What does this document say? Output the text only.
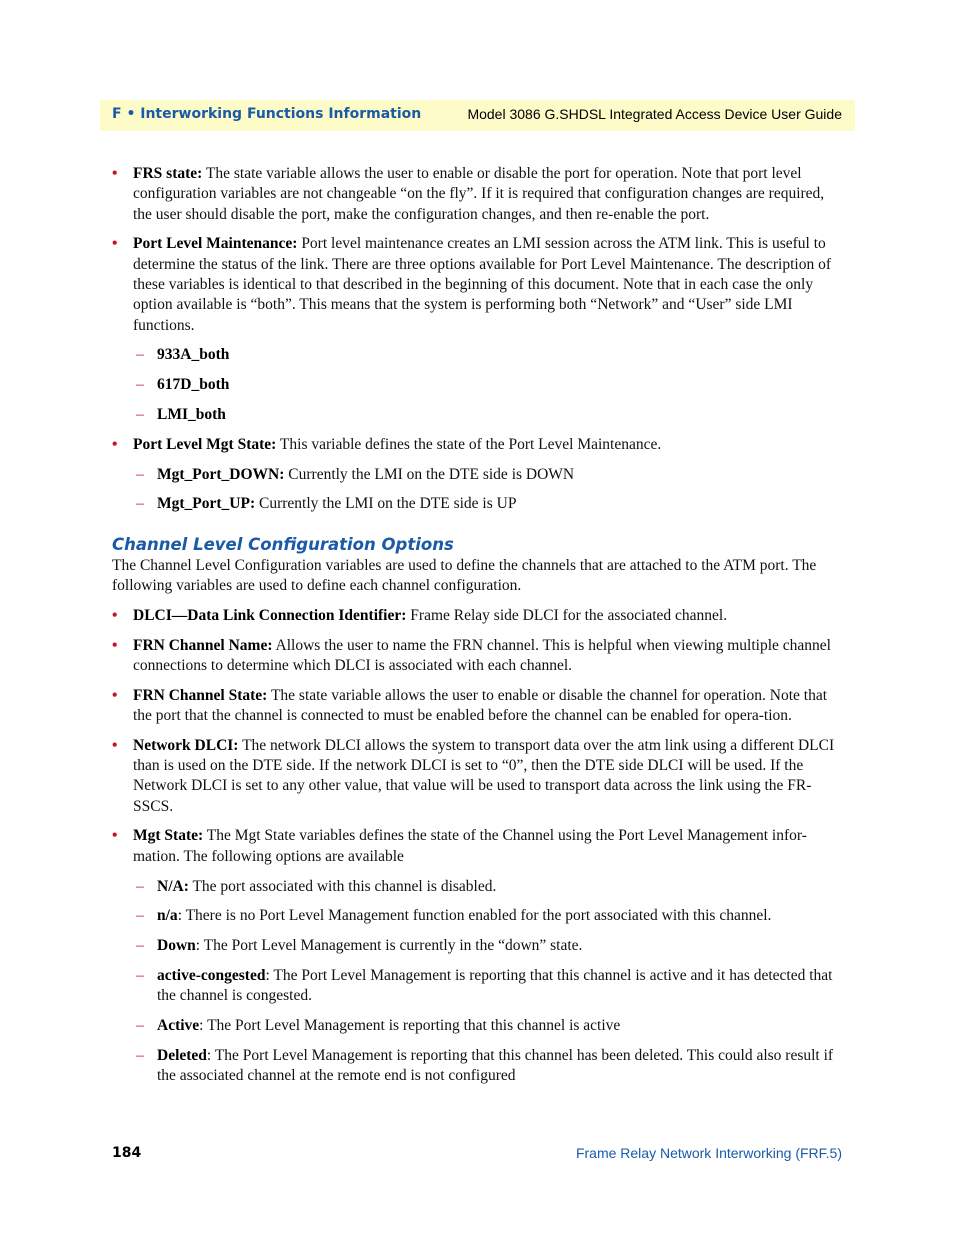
F • Interworking Functions Information	Model 3086 G.SHDSL Integrated Access Device User Guide
• FRS state: The state variable allows the user to enable or disable the port for operation. Note that port level configuration variables are not changeable “on the fly”. If it is required that configuration changes are required, the user should disable the port, make the configuration changes, and then re-enable the port.
• Port Level Maintenance: Port level maintenance creates an LMI session across the ATM link. This is useful to determine the status of the link. There are three options available for Port Level Maintenance. The description of these variables is identical to that described in the beginning of this document. Note that in each case the only option available is “both”. This means that the system is performing both “Network” and “User” side LMI functions.
– 933A_both
– 617D_both
– LMI_both
• Port Level Mgt State: This variable defines the state of the Port Level Maintenance.
– Mgt_Port_DOWN: Currently the LMI on the DTE side is DOWN
– Mgt_Port_UP: Currently the LMI on the DTE side is UP
Channel Level Configuration Options
The Channel Level Configuration variables are used to define the channels that are attached to the ATM port. The following variables are used to define each channel configuration.
• DLCI—Data Link Connection Identifier: Frame Relay side DLCI for the associated channel.
• FRN Channel Name: Allows the user to name the FRN channel. This is helpful when viewing multiple channel connections to determine which DLCI is associated with each channel.
• FRN Channel State: The state variable allows the user to enable or disable the channel for operation. Note that the port that the channel is connected to must be enabled before the channel can be enabled for opera-tion.
• Network DLCI: The network DLCI allows the system to transport data over the atm link using a different DLCI than is used on the DTE side. If the network DLCI is set to “0”, then the DTE side DLCI will be used. If the Network DLCI is set to any other value, that value will be used to transport data across the link using the FR-SSCS.
• Mgt State: The Mgt State variables defines the state of the Channel using the Port Level Management infor-mation. The following options are available
– N/A: The port associated with this channel is disabled.
– n/a: There is no Port Level Management function enabled for the port associated with this channel.
– Down: The Port Level Management is currently in the “down” state.
– active-congested: The Port Level Management is reporting that this channel is active and it has detected that the channel is congested.
– Active: The Port Level Management is reporting that this channel is active
– Deleted: The Port Level Management is reporting that this channel has been deleted. This could also result if the associated channel at the remote end is not configured
184	Frame Relay Network Interworking (FRF.5)
